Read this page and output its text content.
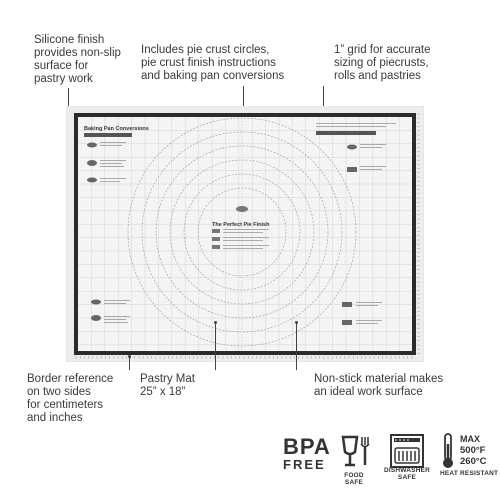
Silicone finish
provides non-slip
surface for
pastry work
Includes pie crust circles,
pie crust finish instructions
and baking pan conversions
1” grid for accurate
sizing of piecrusts,
rolls and pastries
Baking Pan Conversions
The Perfect Pie Finish
Tovolo
Border reference
on two sides
for centimeters
and inches
Pastry Mat
25” x 18”
Non-stick material makes
an ideal work surface
BPA
FREE
FOOD SAFE
DISHWASHER SAFE
MAX
500°F
260°C
HEAT RESISTANT
